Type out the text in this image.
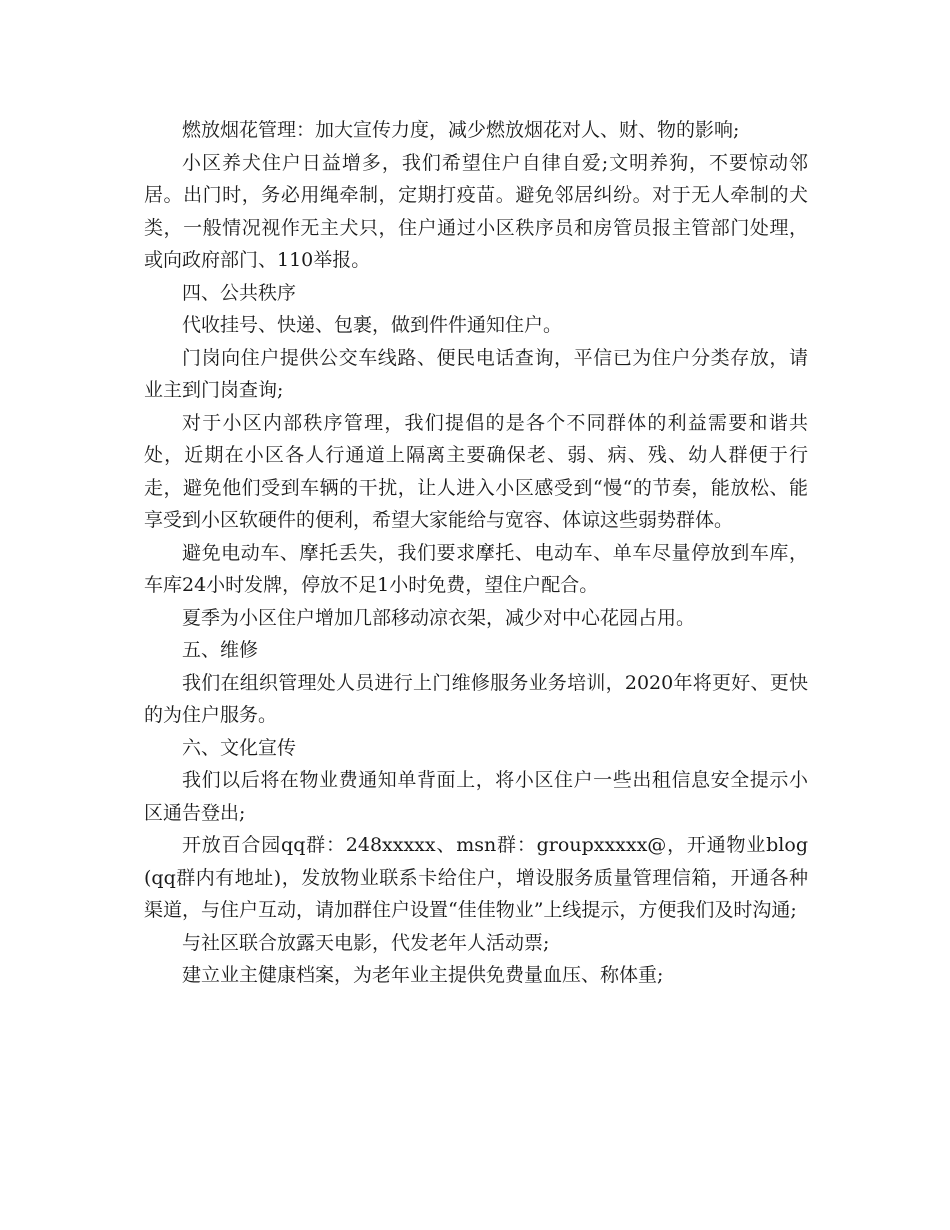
燃放烟花管理：加大宣传力度，减少燃放烟花对人、财、物的影响;

小区养犬住户日益增多，我们希望住户自律自爱;文明养狗，不要惊动邻居。出门时，务必用绳牵制，定期打疫苗。避免邻居纠纷。对于无人牵制的犬类，一般情况视作无主犬只，住户通过小区秩序员和房管员报主管部门处理，或向政府部门、110举报。

四、公共秩序

代收挂号、快递、包裹，做到件件通知住户。

门岗向住户提供公交车线路、便民电话查询，平信已为住户分类存放，请业主到门岗查询;

对于小区内部秩序管理，我们提倡的是各个不同群体的利益需要和谐共处，近期在小区各人行通道上隔离主要确保老、弱、病、残、幼人群便于行走，避免他们受到车辆的干扰，让人进入小区感受到“慢“的节奏，能放松、能享受到小区软硬件的便利，希望大家能给与宽容、体谅这些弱势群体。

避免电动车、摩托丢失，我们要求摩托、电动车、单车尽量停放到车库，车库24小时发牌，停放不足1小时免费，望住户配合。

夏季为小区住户增加几部移动凉衣架，减少对中心花园占用。

五、维修

我们在组织管理处人员进行上门维修服务业务培训，2020年将更好、更快的为住户服务。

六、文化宣传

我们以后将在物业费通知单背面上，将小区住户一些出租信息安全提示小区通告登出;

开放百合园qq群：248xxxxx、msn群：groupxxxxx@，开通物业blog(qq群内有地址)，发放物业联系卡给住户，增设服务质量管理信箱，开通各种渠道，与住户互动，请加群住户设置“佳佳物业”上线提示，方便我们及时沟通;

与社区联合放露天电影，代发老年人活动票;

建立业主健康档案，为老年业主提供免费量血压、称体重;
